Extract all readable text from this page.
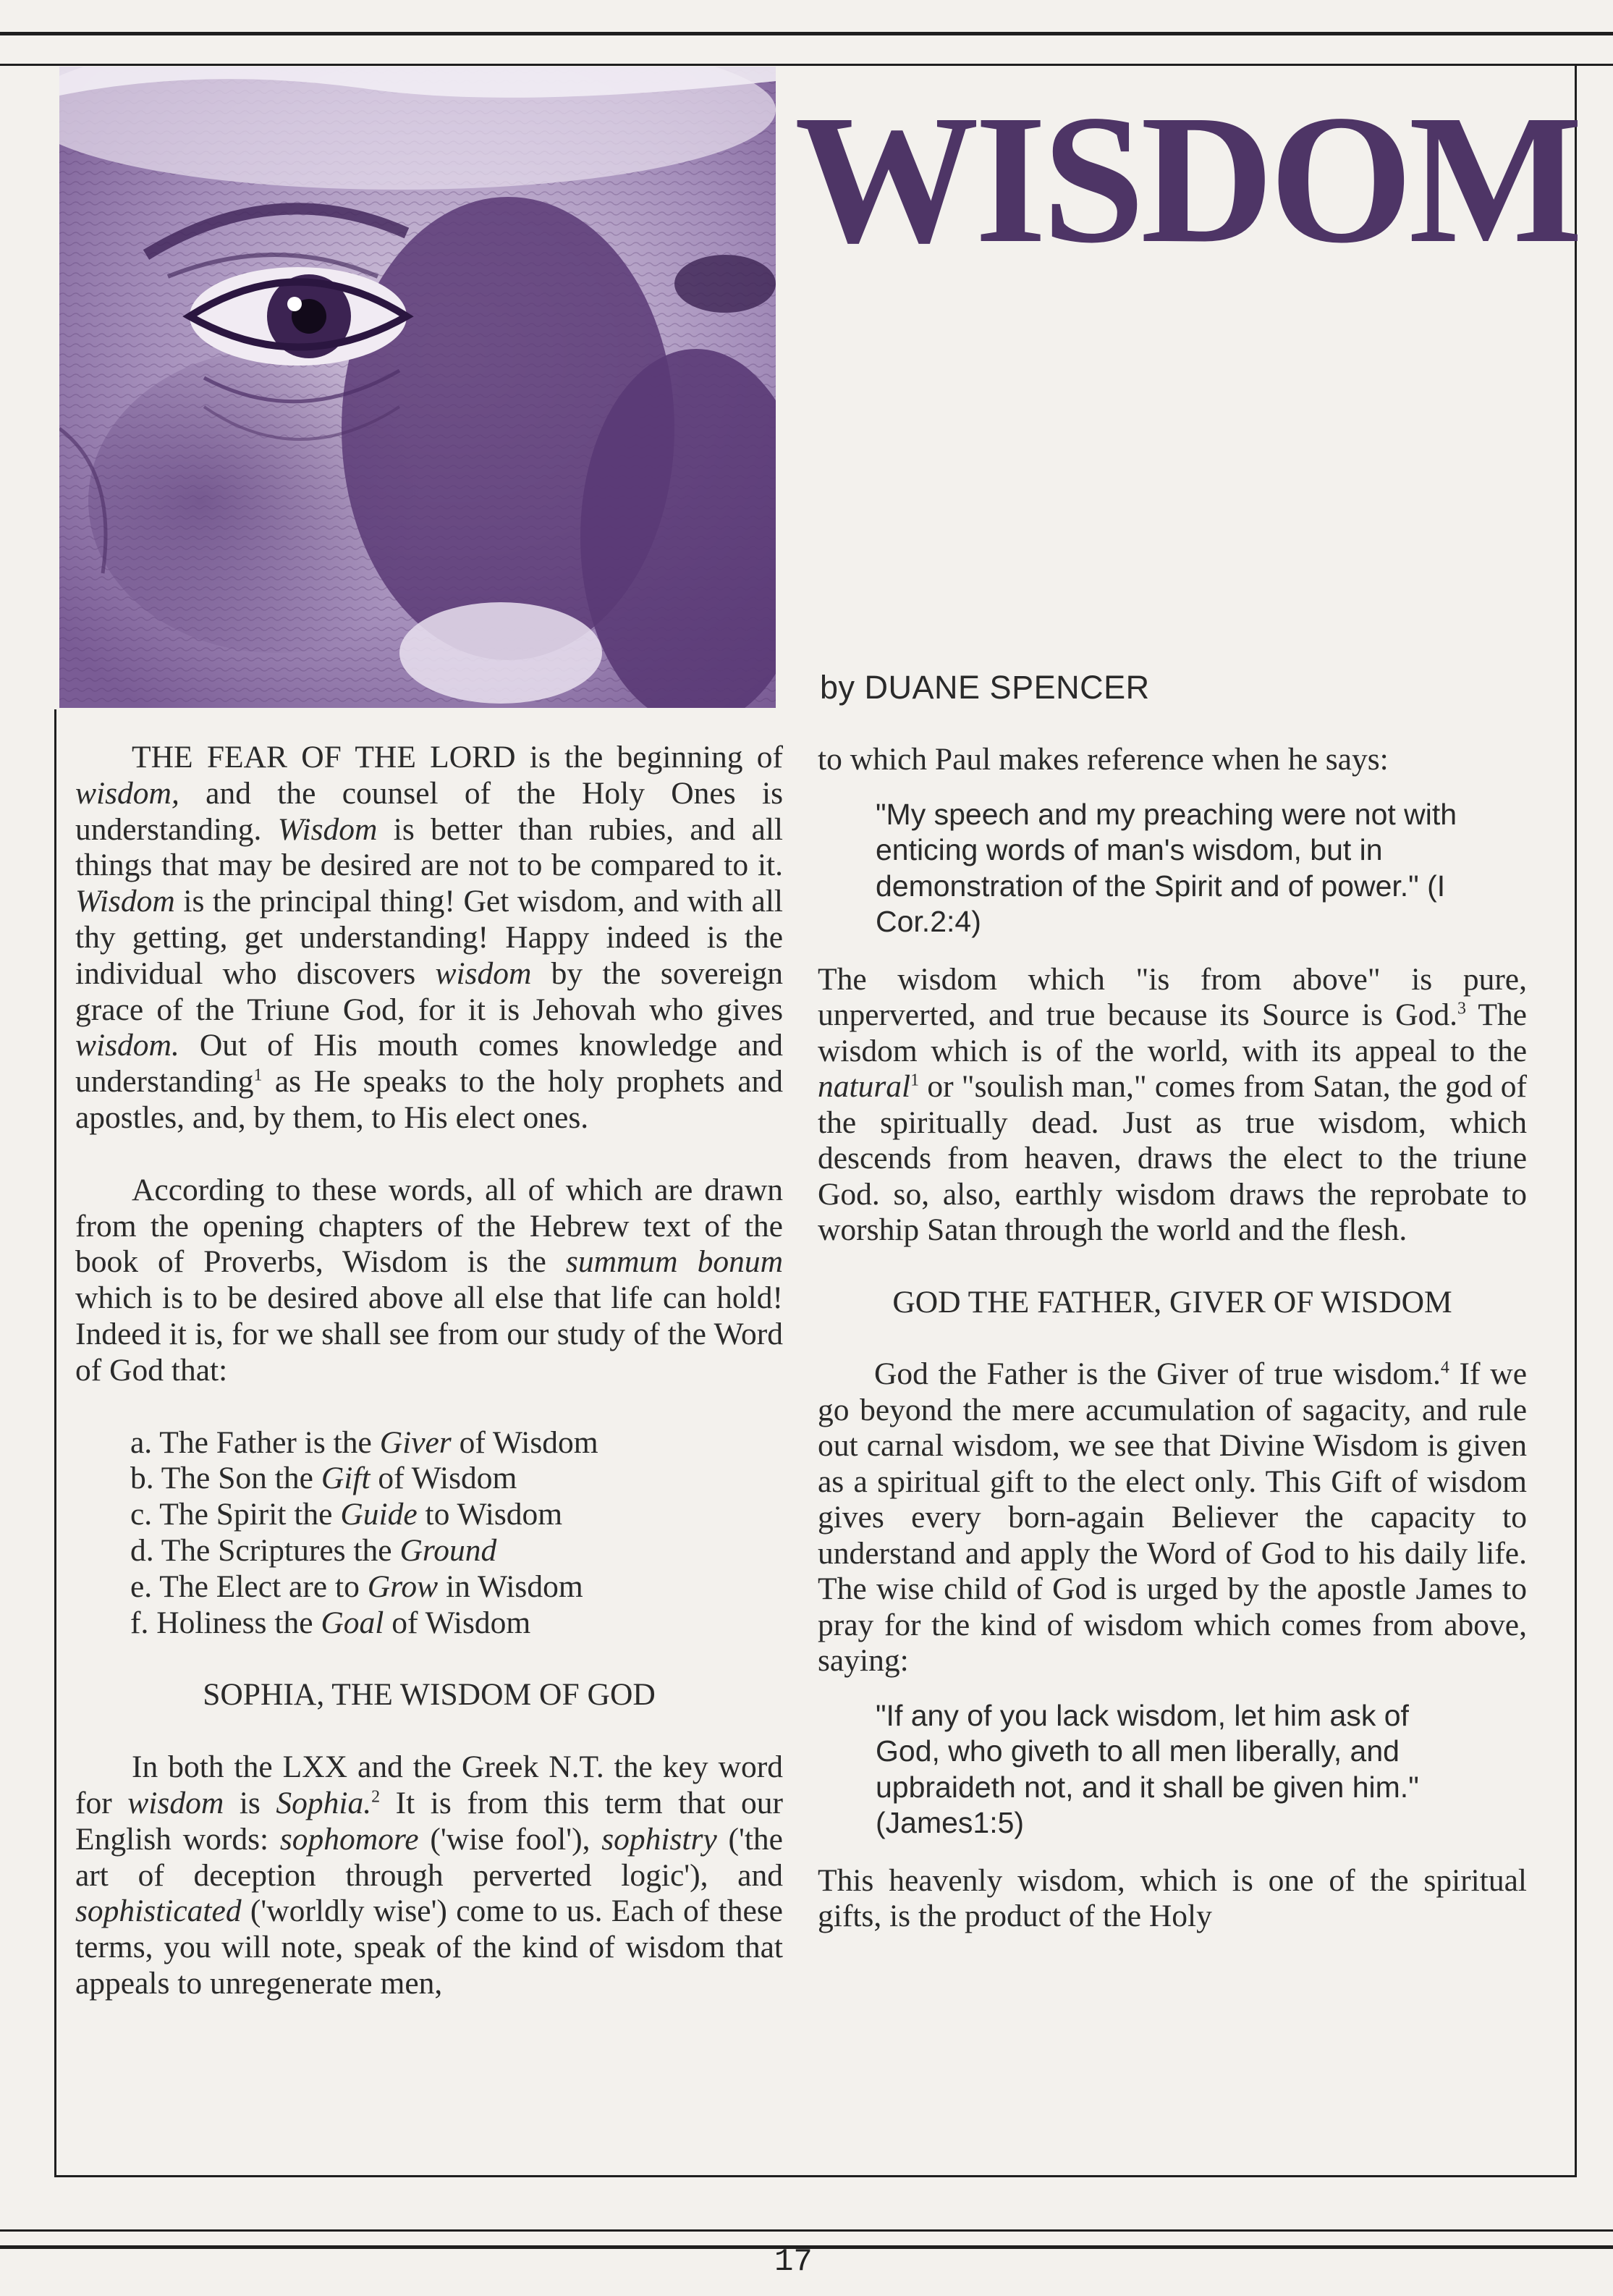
WISDOM
by DUANE SPENCER

THE FEAR OF THE LORD is the beginning of wisdom, and the counsel of the Holy Ones is understanding. Wisdom is better than rubies, and all things that may be desired are not to be compared to it. Wisdom is the principal thing! Get wisdom, and with all thy getting, get understanding! Happy indeed is the individual who discovers wisdom by the sovereign grace of the Triune God, for it is Jehovah who gives wisdom. Out of His mouth comes knowledge and understanding$^1$ as He speaks to the holy prophets and apostles, and, by them, to His elect ones.

According to these words, all of which are drawn from the opening chapters of the Hebrew text of the book of Proverbs, Wisdom is the summum bonum which is to be desired above all else that life can hold! Indeed it is, for we shall see from our study of the Word of God that:

a. The Father is the Giver of Wisdom
b. The Son the Gift of Wisdom
c. The Spirit the Guide to Wisdom
d. The Scriptures the Ground
e. The Elect are to Grow in Wisdom
f. Holiness the Goal of Wisdom
SOPHIA, THE WISDOM OF GOD

In both the LXX and the Greek N.T. the key word for wisdom is Sophia.$^2$ It is from this term that our English words: sophomore ('wise fool'), sophistry ('the art of deception through perverted logic'), and sophisticated ('worldly wise') come to us. Each of these terms, you will note, speak of the kind of wisdom that appeals to unregenerate men,

to which Paul makes reference when he says:

"My speech and my preaching were not with enticing words of man's wisdom, but in demonstration of the Spirit and of power." (I Cor.2:4)

The wisdom which "is from above" is pure, unperverted, and true because its Source is God.$^3$ The wisdom which is of the world, with its appeal to the natural$^1$ or "soulish man," comes from Satan, the god of the spiritually dead. Just as true wisdom, which descends from heaven, draws the elect to the triune God. so, also, earthly wisdom draws the reprobate to worship Satan through the world and the flesh.

GOD THE FATHER, GIVER OF WISDOM

God the Father is the Giver of true wisdom.$^4$ If we go beyond the mere accumulation of sagacity, and rule out carnal wisdom, we see that Divine Wisdom is given as a spiritual gift to the elect only. This Gift of wisdom gives every born-again Believer the capacity to understand and apply the Word of God to his daily life. The wise child of God is urged by the apostle James to pray for the kind of wisdom which comes from above, saying:

"If any of you lack wisdom, let him ask of God, who giveth to all men liberally, and upbraideth not, and it shall be given him." (James1:5)

This heavenly wisdom, which is one of the spiritual gifts, is the product of the Holy

17
